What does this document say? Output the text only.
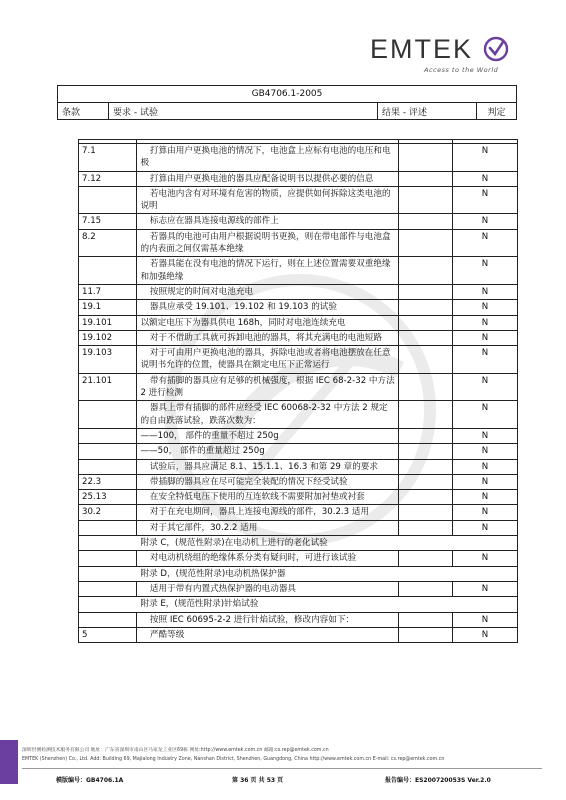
EMTEK
Access to the World
GB4706.1-2005
条款	要求 - 试验	结果 - 评述	判定

7.1	打算由用户更换电池的情况下，电池盒上应标有电池的电压和电极		N
7.12	打算由用户更换电池的器具应配备说明书以提供必要的信息		N
	若电池内含有对环境有危害的物质，应提供如何拆除这类电池的说明		N
7.15	标志应在器具连接电源线的部件上		N
8.2	若器具的电池可由用户根据说明书更换，则在带电部件与电池盒的内表面之间仅需基本绝缘		N
	若器具能在没有电池的情况下运行，则在上述位置需要双重绝缘和加强绝缘		N
11.7	按照规定的时间对电池充电		N
19.1	器具应承受 19.101、19.102 和 19.103 的试验		N
19.101	以额定电压下为器具供电 168h，同时对电池连续充电		N
19.102	对于不借助工具就可拆卸电池的器具，将其充满电的电池短路		N
19.103	对于可由用户更换电池的器具，拆除电池或者将电池摆放在任意说明书允许的位置，使器具在额定电压下正常运行		N
21.101	带有插脚的器具应有足够的机械强度，根据 IEC 68-2-32 中方法 2 进行检测		N
	器具上带有插脚的部件应经受 IEC 60068-2-32 中方法 2 规定的自由跌落试验，跌落次数为：		N
	——100， 部件的重量不超过 250g		N
	——50， 部件的重量超过 250g		N
	试验后，器具应满足 8.1、15.1.1、16.3 和第 29 章的要求		N
22.3	带插脚的器具应在尽可能完全装配的情况下经受试验		N
25.13	在安全特低电压下使用的互连软线不需要附加衬垫或衬套		N
30.2	对于在充电期间，器具上连接电源线的部件，30.2.3 适用		N
	对于其它部件，30.2.2 适用		N
附录 C，(规范性附录)在电动机上进行的老化试验			
	对电动机绕组的绝缘体系分类有疑问时，可进行该试验		N
附录 D，(规范性附录)电动机热保护器			
	适用于带有内置式热保护器的电动器具		N
附录 E，(规范性附录)针焰试验			
	按照 IEC 60695-2-2 进行针焰试验，修改内容如下：		N
5	严酷等级		N
深圳世测检测技术服务有限公司 地址：广东省深圳市南山区马家龙工业区69栋 网址:http://www.emtek.com.cn 邮箱:cs.rep@emtek.com.cn
EMTEK (Shenzhen) Co., Ltd. Add: Building 69, Majialong Industry Zone, Nanshan District, Shenzhen, Guangdong, China http://www.emtek.com.cn E-mail: cs.rep@emtek.com.cn
模版编号：GB4706.1A	第 36 页 共 53 页	报告编号：ES200720053S Ver.2.0
